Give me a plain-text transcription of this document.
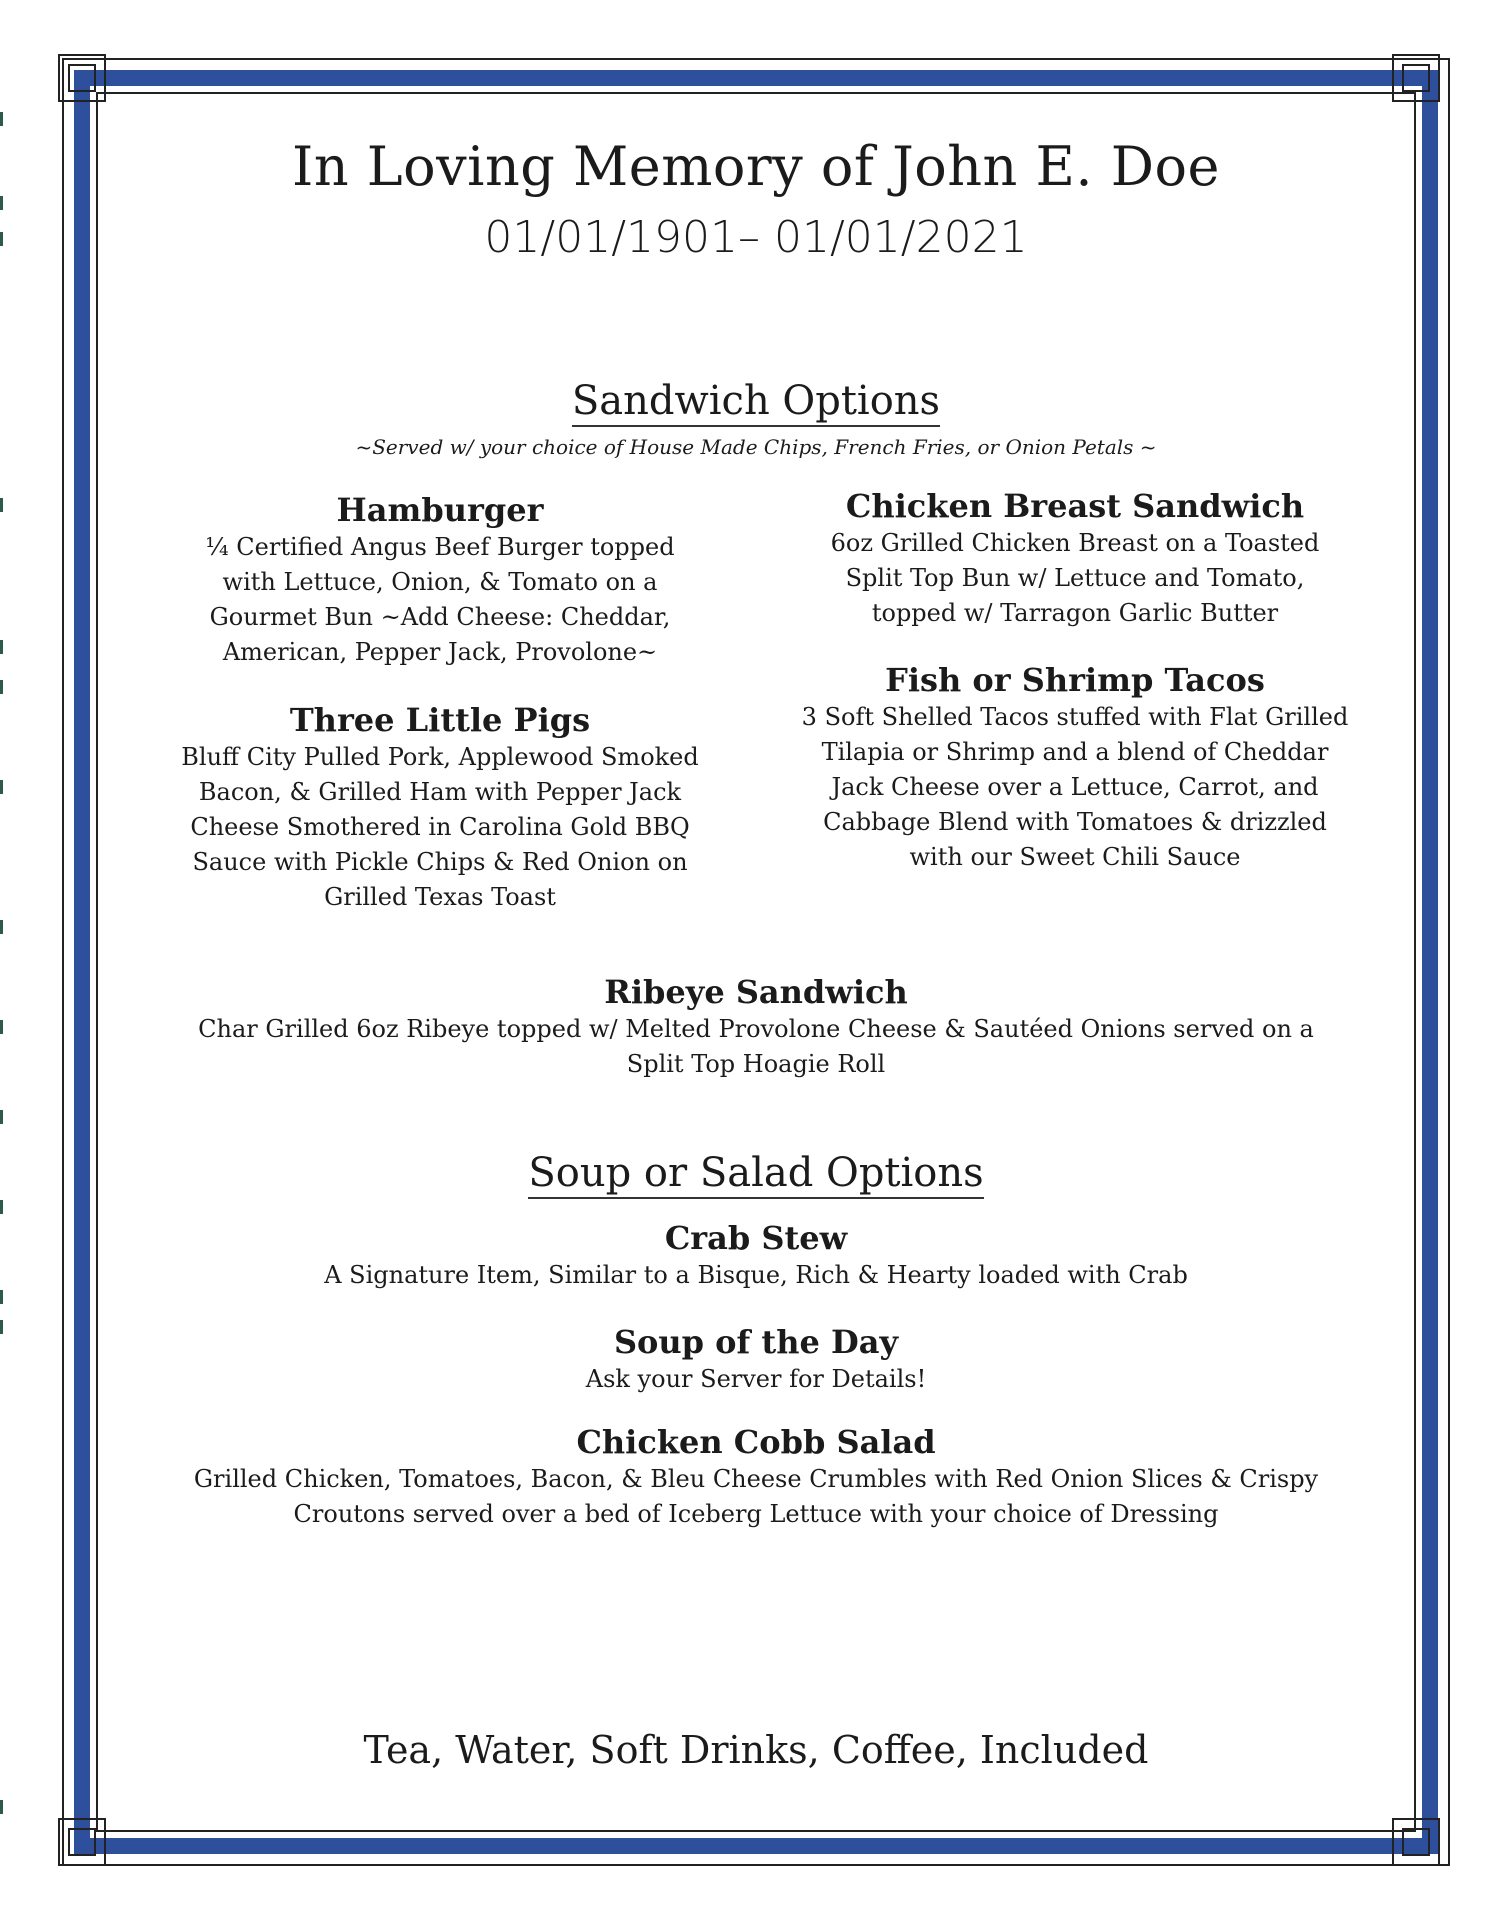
In Loving Memory of John E. Doe
01/01/1901– 01/01/2021
Sandwich Options
~Served w/ your choice of House Made Chips, French Fries, or Onion Petals ~
Hamburger
¼ Certified Angus Beef Burger topped with Lettuce, Onion, & Tomato on a Gourmet Bun ~Add Cheese: Cheddar, American, Pepper Jack, Provolone~
Chicken Breast Sandwich
6oz Grilled Chicken Breast on a Toasted Split Top Bun w/ Lettuce and Tomato, topped w/ Tarragon Garlic Butter
Three Little Pigs
Bluff City Pulled Pork, Applewood Smoked Bacon, & Grilled Ham with Pepper Jack Cheese Smothered in Carolina Gold BBQ Sauce with Pickle Chips & Red Onion on Grilled Texas Toast
Fish or Shrimp Tacos
3 Soft Shelled Tacos stuffed with Flat Grilled Tilapia or Shrimp and a blend of Cheddar Jack Cheese over a Lettuce, Carrot, and Cabbage Blend with Tomatoes & drizzled with our Sweet Chili Sauce
Ribeye Sandwich
Char Grilled 6oz Ribeye topped w/ Melted Provolone Cheese & Sautéed Onions served on a Split Top Hoagie Roll
Soup or Salad Options
Crab Stew
A Signature Item, Similar to a Bisque, Rich & Hearty loaded with Crab
Soup of the Day
Ask your Server for Details!
Chicken Cobb Salad
Grilled Chicken, Tomatoes, Bacon, & Bleu Cheese Crumbles with Red Onion Slices & Crispy Croutons served over a bed of Iceberg Lettuce with your choice of Dressing
Tea, Water, Soft Drinks, Coffee, Included
